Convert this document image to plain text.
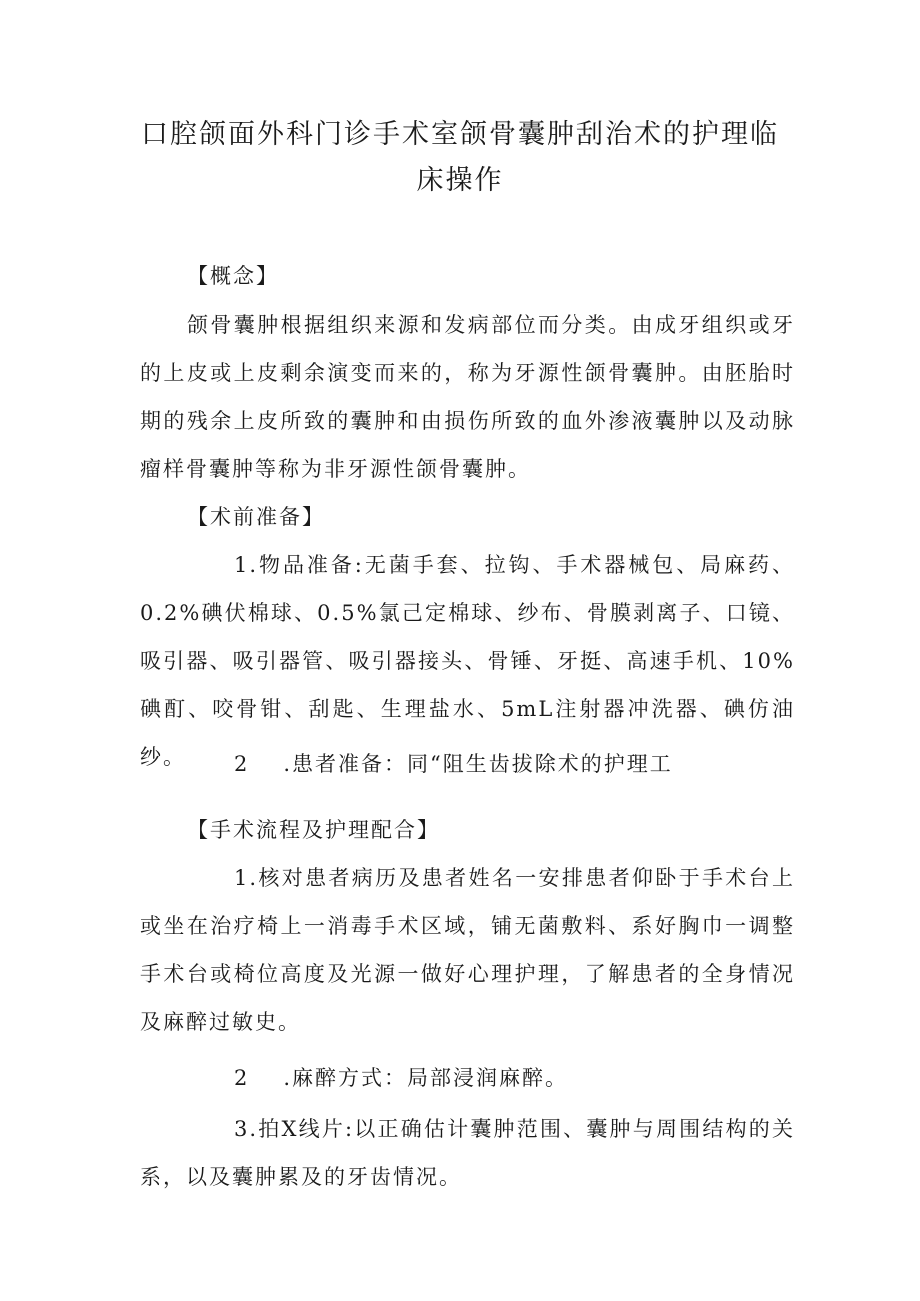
口腔颌面外科门诊手术室颌骨囊肿刮治术的护理临
床操作
【概念】
颌骨囊肿根据组织来源和发病部位而分类。由成牙组织或牙的上皮或上皮剩余演变而来的，称为牙源性颌骨囊肿。由胚胎时期的残余上皮所致的囊肿和由损伤所致的血外渗液囊肿以及动脉瘤样骨囊肿等称为非牙源性颌骨囊肿。
【术前准备】
1.物品准备:无菌手套、拉钩、手术器械包、局麻药、0.2%碘伏棉球、0.5%氯己定棉球、纱布、骨膜剥离子、口镜、吸引器、吸引器管、吸引器接头、骨锤、牙挺、高速手机、10%碘酊、咬骨钳、刮匙、生理盐水、5mL注射器冲洗器、碘仿油纱。	2 .患者准备：同“阻生齿拔除术的护理工
【手术流程及护理配合】
1.核对患者病历及患者姓名一安排患者仰卧于手术台上或坐在治疗椅上一消毒手术区域，铺无菌敷料、系好胸巾一调整手术台或椅位高度及光源一做好心理护理，了解患者的全身情况及麻醉过敏史。
2 .麻醉方式：局部浸润麻醉。
3.拍X线片:以正确估计囊肿范围、囊肿与周围结构的关系，以及囊肿累及的牙齿情况。
